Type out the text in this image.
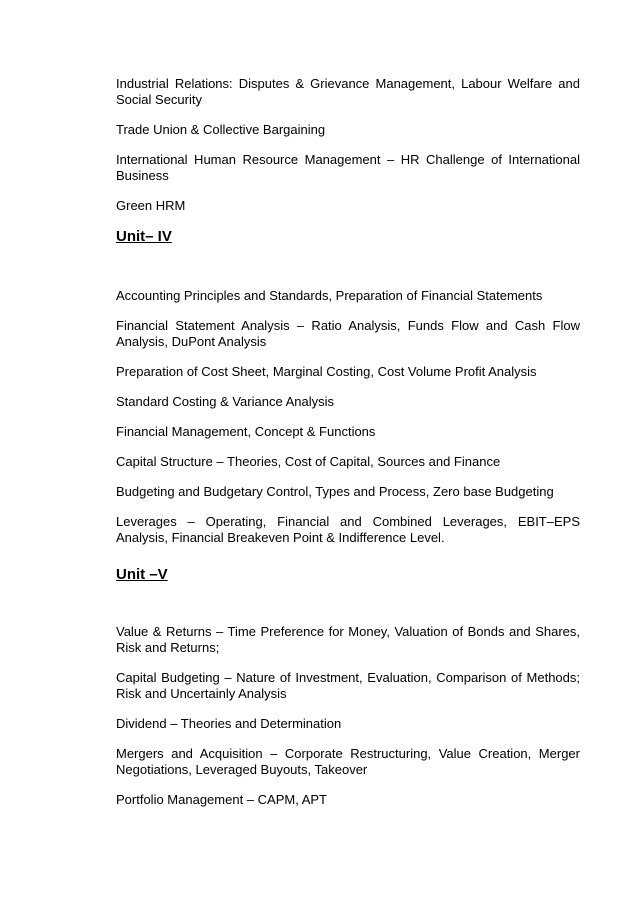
Industrial Relations: Disputes & Grievance Management, Labour Welfare and Social Security

Trade Union & Collective Bargaining

International Human Resource Management – HR Challenge of International Business

Green HRM

Unit– IV

Accounting Principles and Standards, Preparation of Financial Statements

Financial Statement Analysis – Ratio Analysis, Funds Flow and Cash Flow Analysis, DuPont Analysis

Preparation of Cost Sheet, Marginal Costing, Cost Volume Profit Analysis

Standard Costing & Variance Analysis

Financial Management, Concept & Functions

Capital Structure – Theories, Cost of Capital, Sources and Finance

Budgeting and Budgetary Control, Types and Process, Zero base Budgeting

Leverages – Operating, Financial and Combined Leverages, EBIT–EPS Analysis, Financial Breakeven Point & Indifference Level.

Unit –V

Value & Returns – Time Preference for Money, Valuation of Bonds and Shares, Risk and Returns;

Capital Budgeting – Nature of Investment, Evaluation, Comparison of Methods; Risk and Uncertainly Analysis

Dividend – Theories and Determination

Mergers and Acquisition – Corporate Restructuring, Value Creation, Merger Negotiations, Leveraged Buyouts, Takeover

Portfolio Management – CAPM, APT
